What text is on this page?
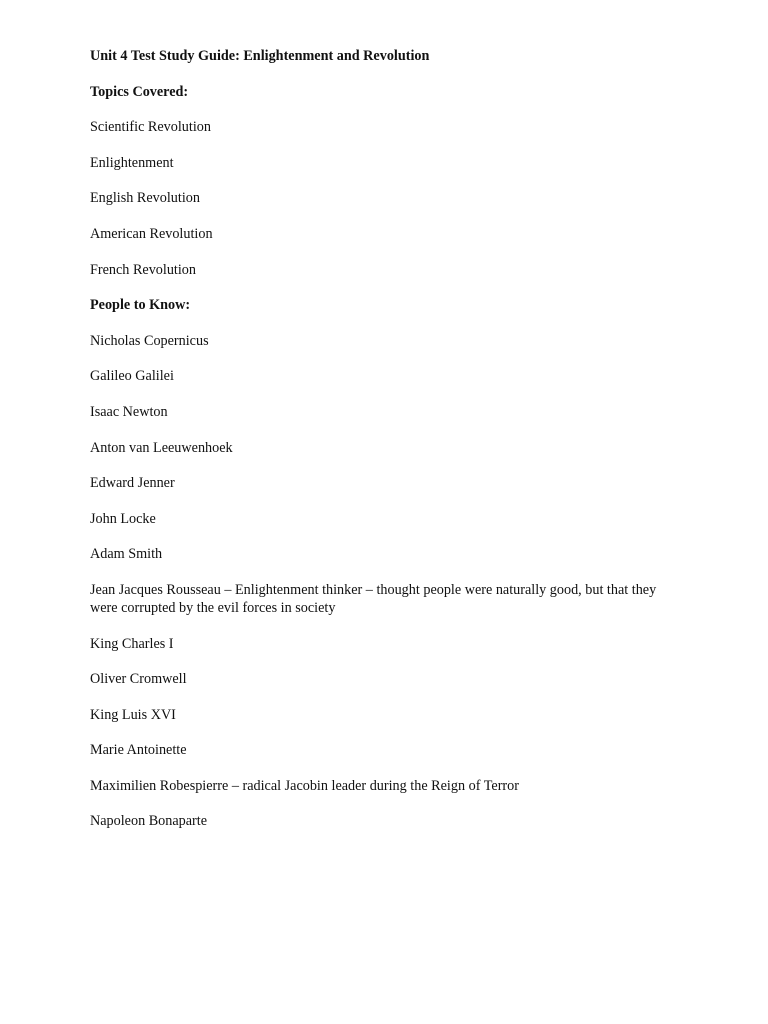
Unit 4 Test Study Guide: Enlightenment and Revolution

Topics Covered:

Scientific Revolution
Enlightenment
English Revolution
American Revolution
French Revolution

People to Know:

Nicholas Copernicus
Galileo Galilei
Isaac Newton
Anton van Leeuwenhoek
Edward Jenner
John Locke
Adam Smith
Jean Jacques Rousseau – Enlightenment thinker – thought people were naturally good, but that they were corrupted by the evil forces in society
King Charles I
Oliver Cromwell
King Luis XVI
Marie Antoinette
Maximilien Robespierre – radical Jacobin leader during the Reign of Terror
Napoleon Bonaparte
